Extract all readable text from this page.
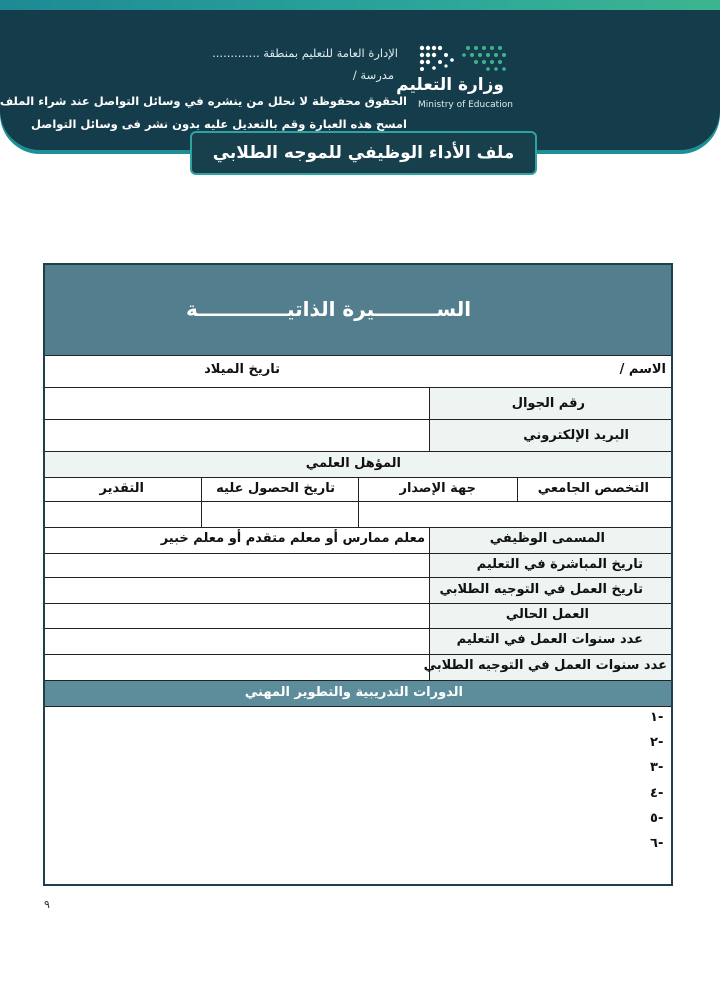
الإدارة العامة للتعليم بمنطقة .............
مدرسة /
الحقوق محفوظة لا نحلل من ينشره في وسائل التواصل عند شراء الملف
امسح هذه العبارة وقم بالتعديل عليه بدون نشر فى وسائل التواصل
وزارة التعليم
Ministry of Education
ملف الأداء الوظيفي للموجه الطلابي
الســـــــــيرة الذاتيـــــــــــــة
الاسم /
تاريخ الميلاد
رقم الجوال
البريد الإلكتروني
المؤهل العلمي
التخصص الجامعي
جهة الإصدار
تاريخ الحصول عليه
التقدير
المسمى الوظيفي
معلم ممارس أو معلم متقدم أو معلم خبير
تاريخ المباشرة في التعليم
تاريخ العمل في التوجيه الطلابي
العمل الحالي
عدد سنوات العمل في التعليم
عدد سنوات العمل في التوجيه الطلابي
الدورات التدريبية والتطوير المهني
-١
-٢
-٣
-٤
-٥
-٦
٩
